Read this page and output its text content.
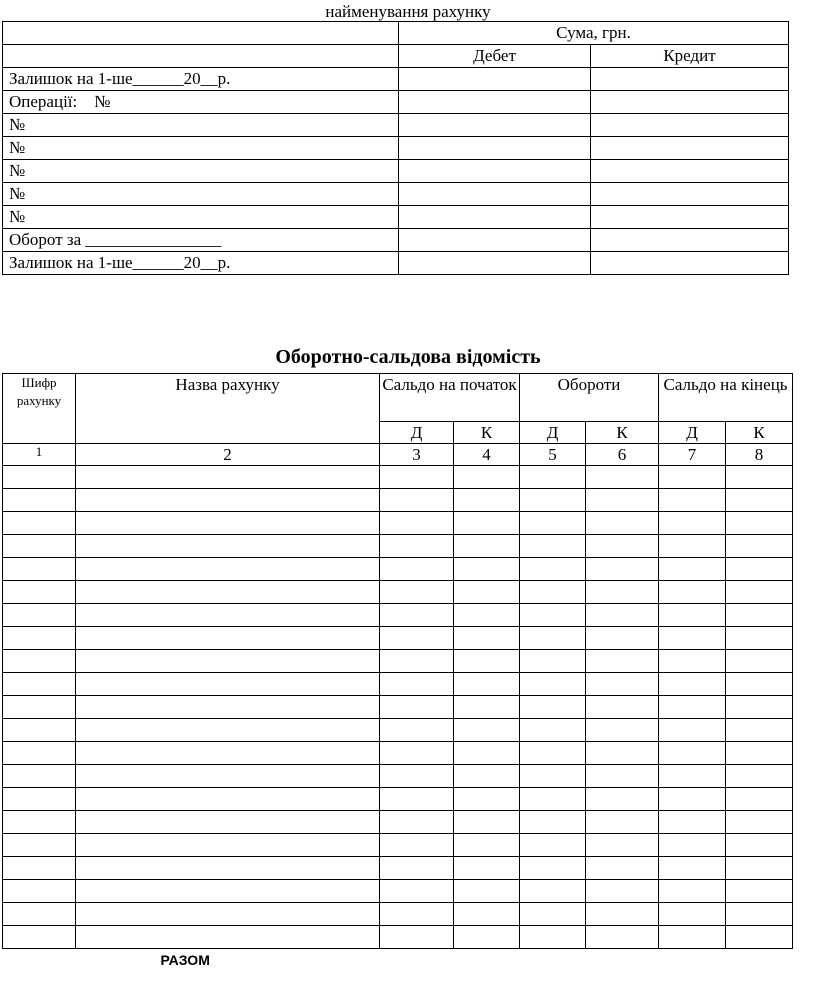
найменування рахунку
	Сума, грн.	
	Дебет	Кредит
Залишок на 1-ше______20__р.		
Операції:    №		
№		
№		
№		
№		
№		
Оборот за ________________		
Залишок на 1-ше______20__р.		
Оборотно-сальдова відомість
Шифр рахунку	Назва рахунку	Сальдо на початок		Обороти		Сальдо на кінець	
		Д	К	Д	К	Д	К
1	2	3	4	5	6	7	8

РАЗОМ							
